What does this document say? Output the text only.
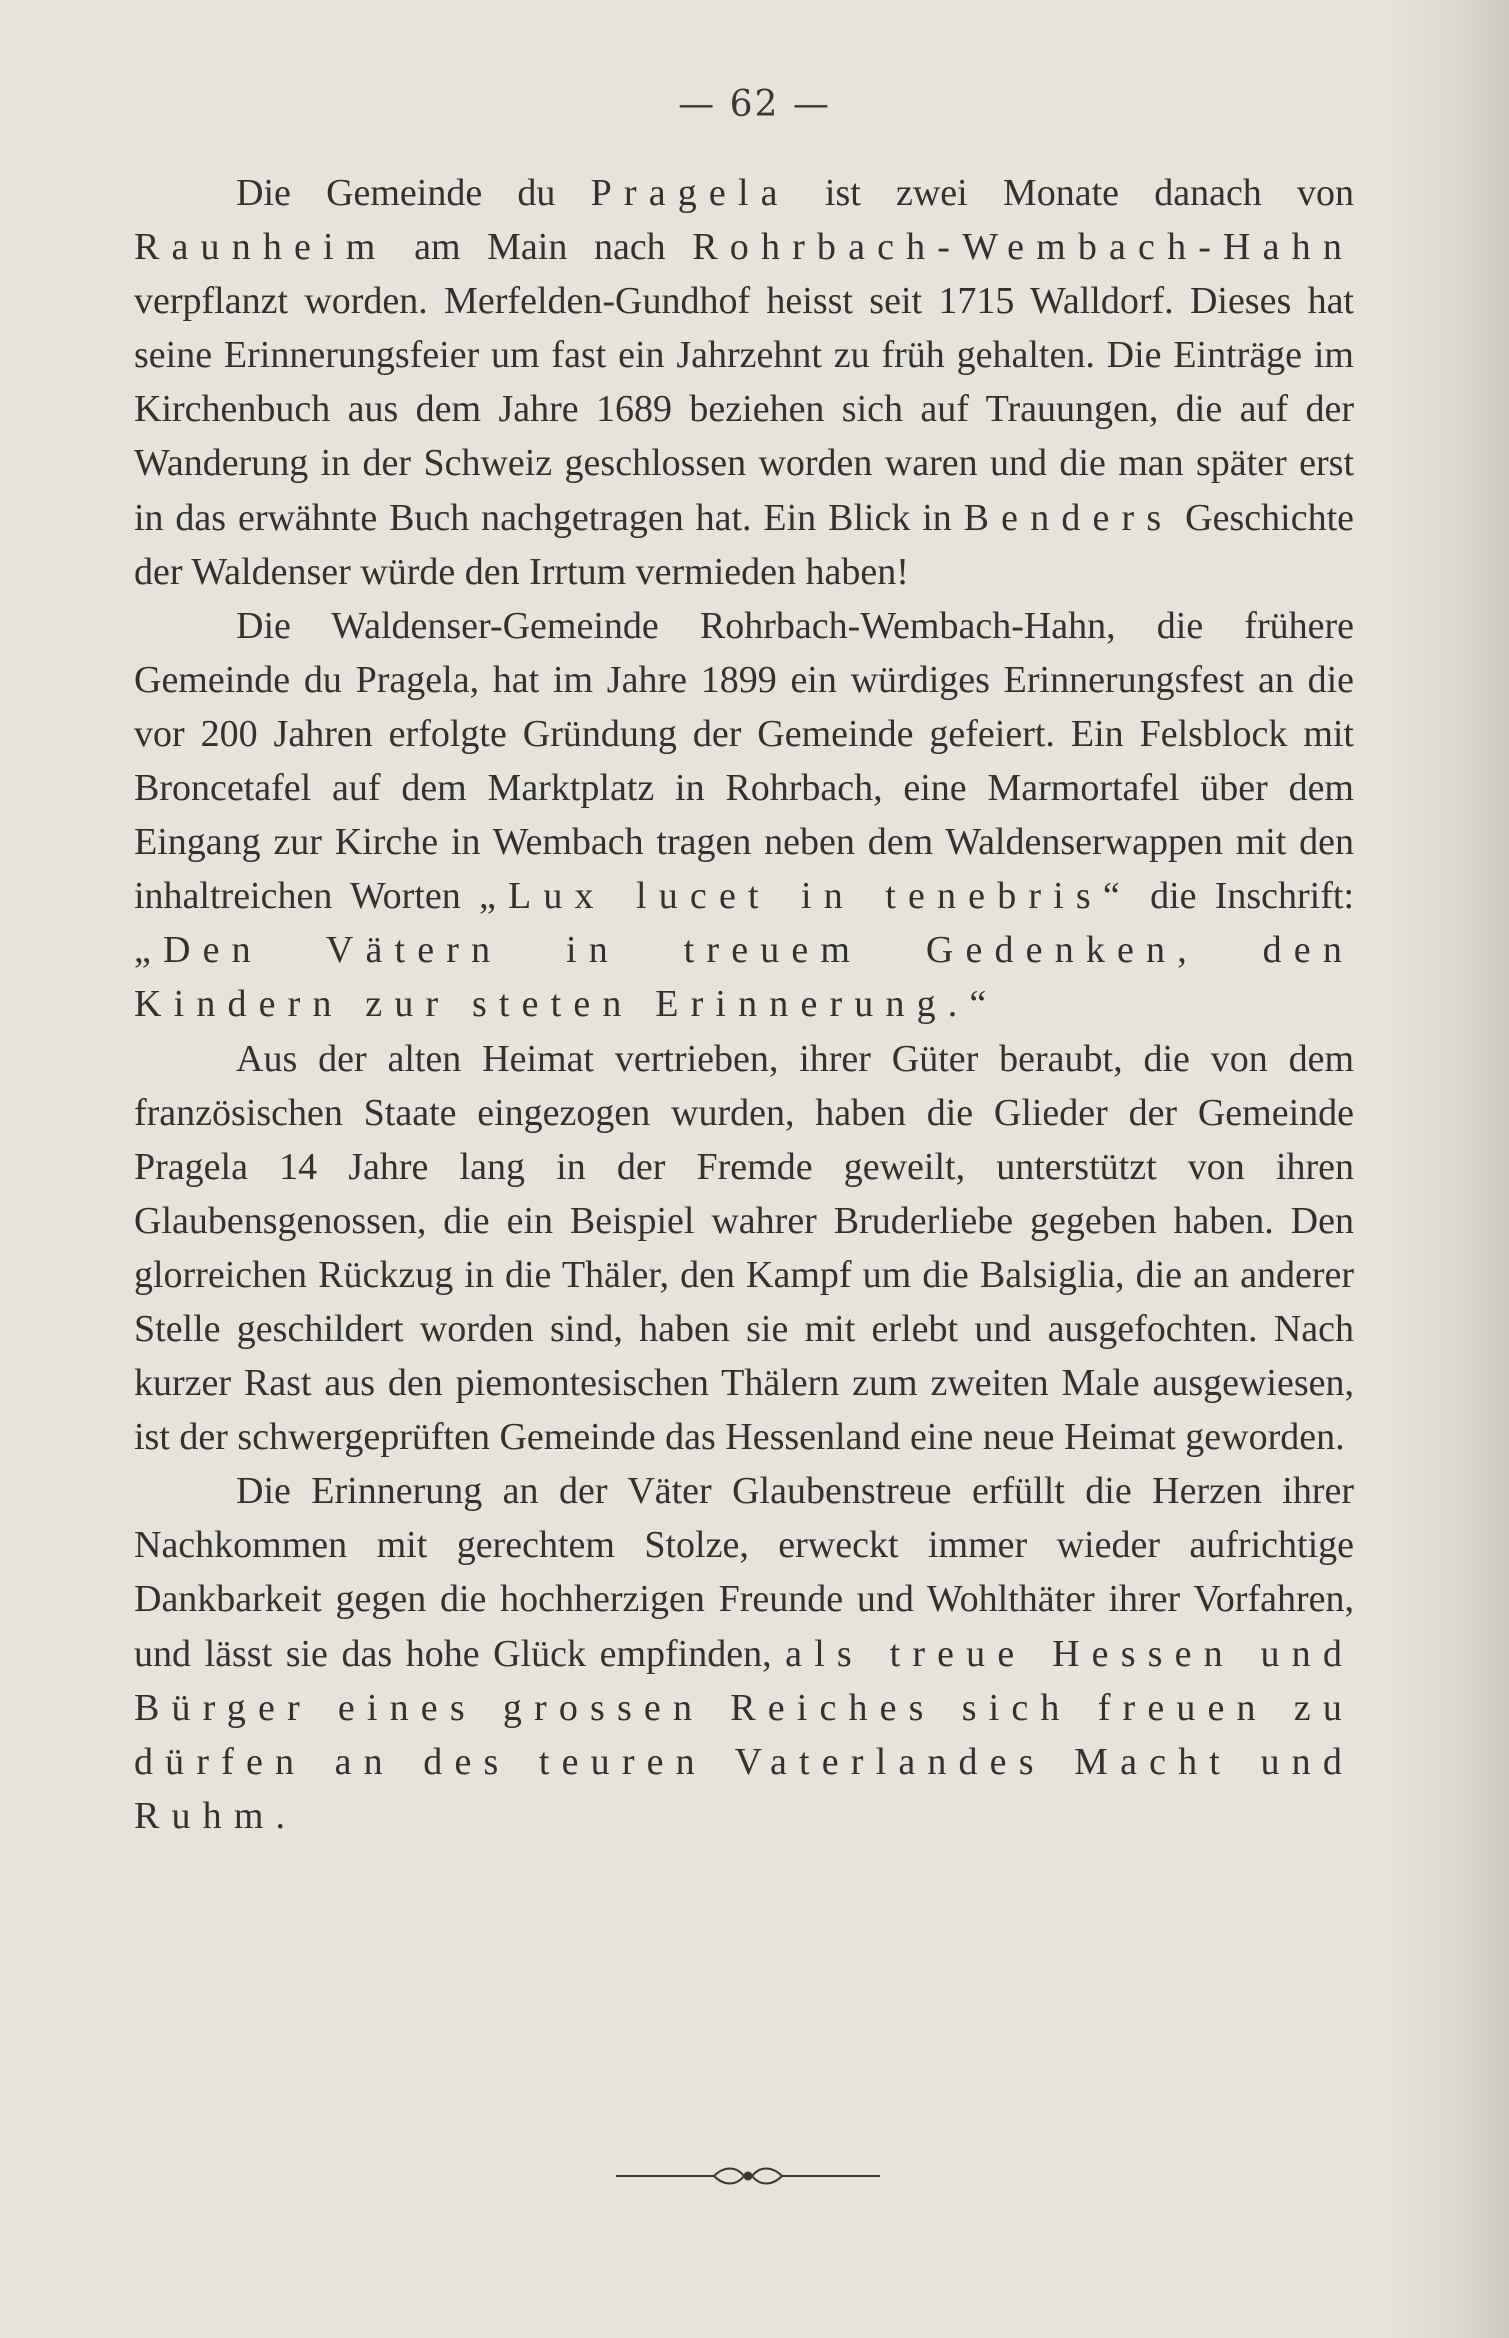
— 62 —

Die Gemeinde du Pragela ist zwei Monate danach von Raunheim am Main nach Rohrbach-Wembach-Hahn verpflanzt worden. Merfelden-Gundhof heisst seit 1715 Walldorf. Dieses hat seine Erinnerungsfeier um fast ein Jahrzehnt zu früh gehalten. Die Einträge im Kirchenbuch aus dem Jahre 1689 beziehen sich auf Trauungen, die auf der Wanderung in der Schweiz geschlossen worden waren und die man später erst in das erwähnte Buch nachgetragen hat. Ein Blick in Benders Geschichte der Waldenser würde den Irrtum vermieden haben!

Die Waldenser-Gemeinde Rohrbach-Wembach-Hahn, die frühere Gemeinde du Pragela, hat im Jahre 1899 ein würdiges Erinnerungsfest an die vor 200 Jahren erfolgte Gründung der Gemeinde gefeiert. Ein Felsblock mit Broncetafel auf dem Marktplatz in Rohrbach, eine Marmortafel über dem Eingang zur Kirche in Wembach tragen neben dem Waldenserwappen mit den inhaltreichen Worten „Lux lucet in tenebris“ die Inschrift: „Den Vätern in treuem Gedenken, den Kindern zur steten Erinnerung.“

Aus der alten Heimat vertrieben, ihrer Güter beraubt, die von dem französischen Staate eingezogen wurden, haben die Glieder der Gemeinde Pragela 14 Jahre lang in der Fremde geweilt, unterstützt von ihren Glaubensgenossen, die ein Beispiel wahrer Bruderliebe gegeben haben. Den glorreichen Rückzug in die Thäler, den Kampf um die Balsiglia, die an anderer Stelle geschildert worden sind, haben sie mit erlebt und ausgefochten. Nach kurzer Rast aus den piemontesischen Thälern zum zweiten Male ausgewiesen, ist der schwergeprüften Gemeinde das Hessenland eine neue Heimat geworden.

Die Erinnerung an der Väter Glaubenstreue erfüllt die Herzen ihrer Nachkommen mit gerechtem Stolze, erweckt immer wieder aufrichtige Dankbarkeit gegen die hochherzigen Freunde und Wohlthäter ihrer Vorfahren, und lässt sie das hohe Glück empfinden, als treue Hessen und Bürger eines grossen Reiches sich freuen zu dürfen an des teuren Vaterlandes Macht und Ruhm.
